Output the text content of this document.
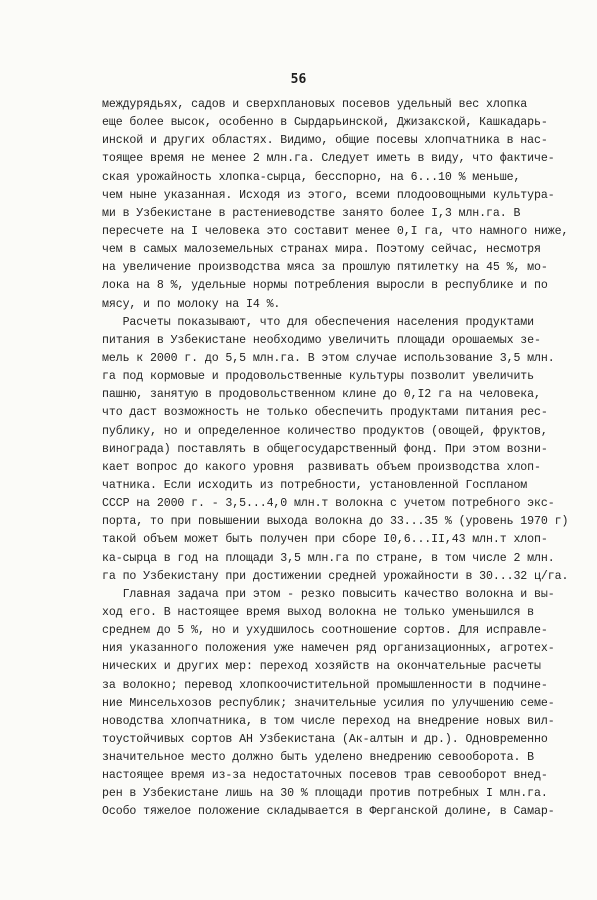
56
междурядьях, садов и сверхплановых посевов удельный вес хлопка
еще более высок, особенно в Сырдарьинской, Джизакской, Кашкадарь-
инской и других областях. Видимо, общие посевы хлопчатника в нас-
тоящее время не менее 2 млн.га. Следует иметь в виду, что фактиче-
ская урожайность хлопка-сырца, бесспорно, на 6...10 % меньше,
чем ныне указанная. Исходя из этого, всеми плодоовощными культура-
ми в Узбекистане в растениеводстве занято более I,3 млн.га. В
пересчете на I человека это составит менее 0,I га, что намного ниже,
чем в самых малоземельных странах мира. Поэтому сейчас, несмотря
на увеличение производства мяса за прошлую пятилетку на 45 %, мо-
лока на 8 %, удельные нормы потребления выросли в республике и по
мясу, и по молоку на I4 %.
Расчеты показывают, что для обеспечения населения продуктами
питания в Узбекистане необходимо увеличить площади орошаемых зе-
мель к 2000 г. до 5,5 млн.га. В этом случае использование 3,5 млн.
га под кормовые и продовольственные культуры позволит увеличить
пашню, занятую в продовольственном клине до 0,I2 га на человека,
что даст возможность не только обеспечить продуктами питания рес-
публику, но и определенное количество продуктов (овощей, фруктов,
винограда) поставлять в общегосударственный фонд. При этом возни-
кает вопрос до какого уровня  развивать объем производства хлоп-
чатника. Если исходить из потребности, установленной Госпланом
СССР на 2000 г. - 3,5...4,0 млн.т волокна с учетом потребного экс-
порта, то при повышении выхода волокна до 33...35 % (уровень 1970 г)
такой объем может быть получен при сборе I0,6...II,43 млн.т хлоп-
ка-сырца в год на площади 3,5 млн.га по стране, в том числе 2 млн.
га по Узбекистану при достижении средней урожайности в 30...32 ц/га.
Главная задача при этом - резко повысить качество волокна и вы-
ход его. В настоящее время выход волокна не только уменьшился в
среднем до 5 %, но и ухудшилось соотношение сортов. Для исправле-
ния указанного положения уже намечен ряд организационных, агротех-
нических и других мер: переход хозяйств на окончательные расчеты
за волокно; перевод хлопкоочистительной промышленности в подчине-
ние Минсельхозов республик; значительные усилия по улучшению семе-
новодства хлопчатника, в том числе переход на внедрение новых вил-
тоустойчивых сортов АН Узбекистана (Ак-алтын и др.). Одновременно
значительное место должно быть уделено внедрению севооборота. В
настоящее время из-за недостаточных посевов трав севооборот внед-
рен в Узбекистане лишь на 30 % площади против потребных I млн.га.
Особо тяжелое положение складывается в Ферганской долине, в Самар-
